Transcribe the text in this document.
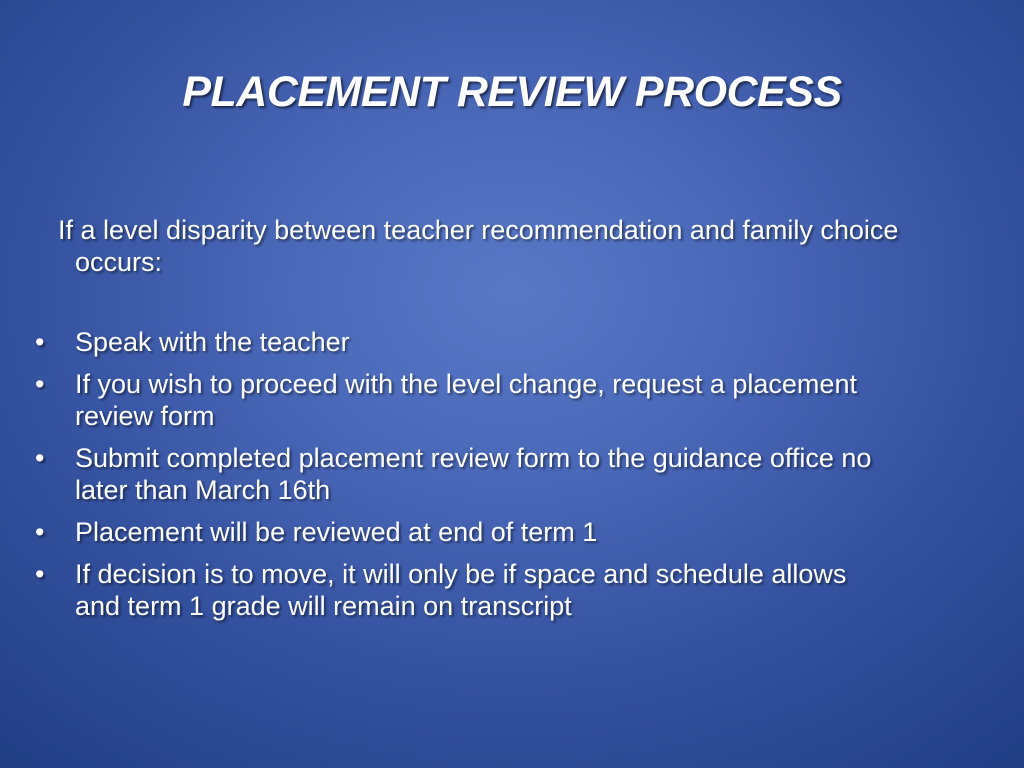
PLACEMENT REVIEW PROCESS

If a level disparity between teacher recommendation and family choice occurs:

• Speak with the teacher
• If you wish to proceed with the level change, request a placement review form
• Submit completed placement review form to the guidance office no later than March 16th
• Placement will be reviewed at end of term 1
• If decision is to move, it will only be if space and schedule allows and term 1 grade will remain on transcript
